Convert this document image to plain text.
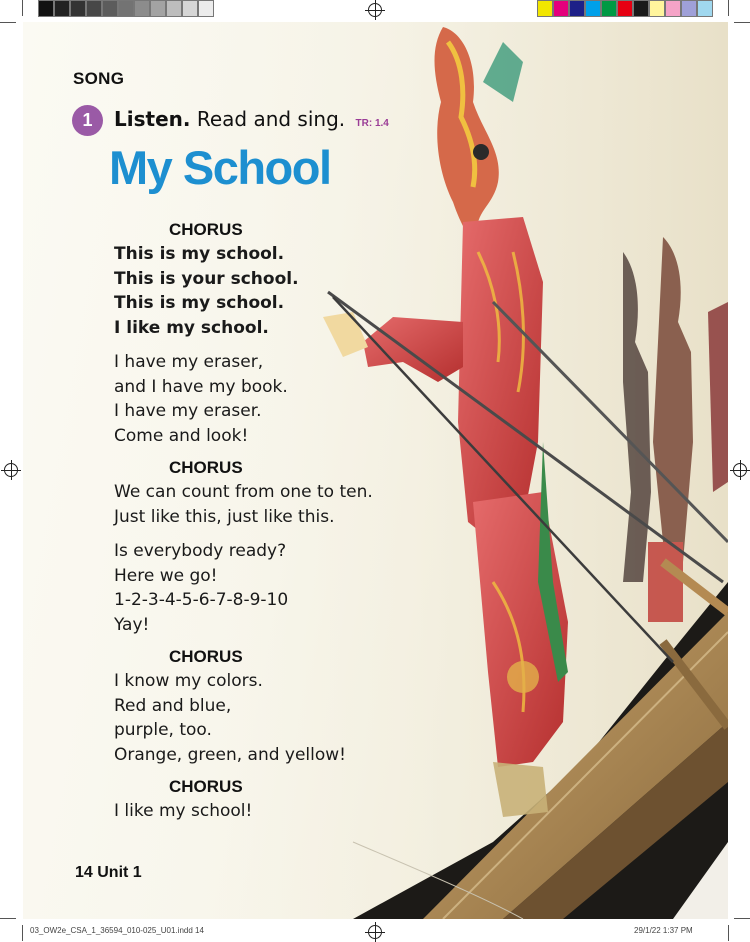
SONG
1 Listen. Read and sing. TR: 1.4
My School
CHORUS
This is my school.
This is your school.
This is my school.
I like my school.
I have my eraser,
and I have my book.
I have my eraser.
Come and look!
CHORUS
We can count from one to ten.
Just like this, just like this.
Is everybody ready?
Here we go!
1-2-3-4-5-6-7-8-9-10
Yay!
CHORUS
I know my colors.
Red and blue,
purple, too.
Orange, green, and yellow!
CHORUS
I like my school!
14 Unit 1
03_OW2e_CSA_1_36594_010-025_U01.indd 14	29/1/22 1:37 PM
